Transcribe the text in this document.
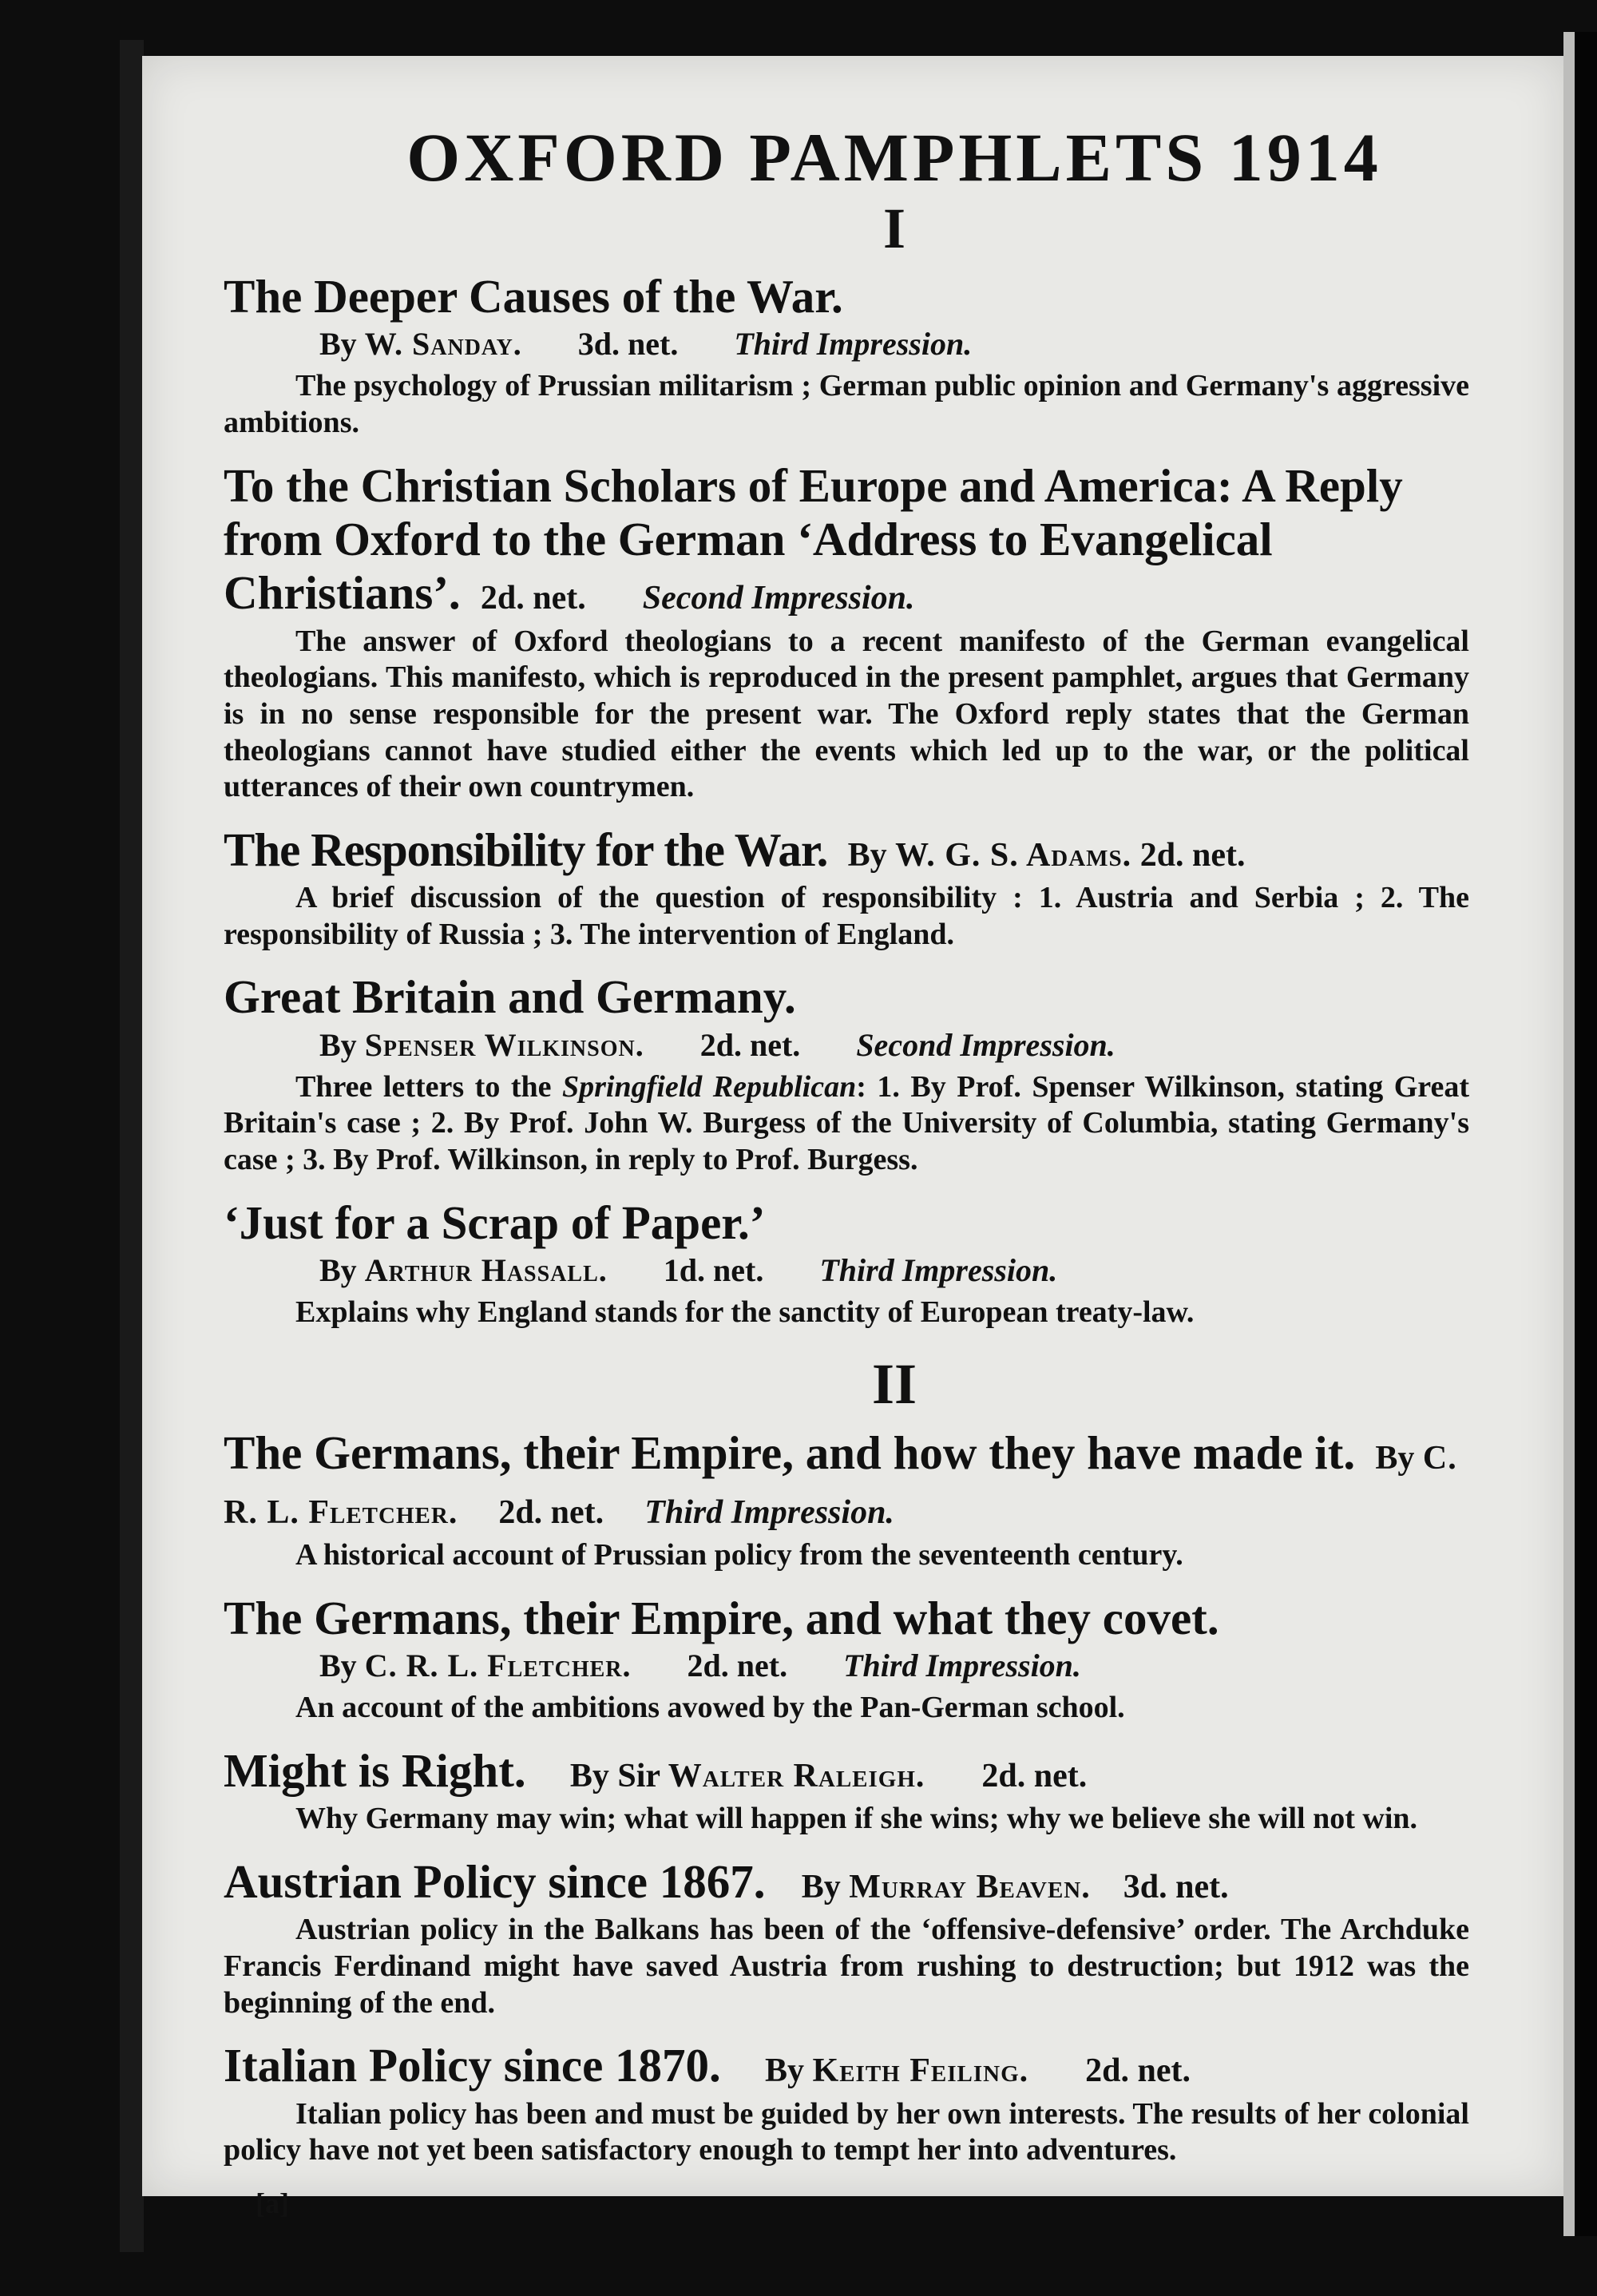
OXFORD PAMPHLETS 1914
I
The Deeper Causes of the War.
By W. Sanday. 3d. net. Third Impression.
The psychology of Prussian militarism ; German public opinion and Germany's aggressive ambitions.
To the Christian Scholars of Europe and America: A Reply from Oxford to the German ‘Address to Evangelical Christians’. 2d. net. Second Impression.
The answer of Oxford theologians to a recent manifesto of the German evangelical theologians. This manifesto, which is reproduced in the present pamphlet, argues that Germany is in no sense responsible for the present war. The Oxford reply states that the German theologians cannot have studied either the events which led up to the war, or the political utterances of their own countrymen.
The Responsibility for the War. By W. G. S. Adams. 2d. net.
A brief discussion of the question of responsibility : 1. Austria and Serbia ; 2. The responsibility of Russia ; 3. The intervention of England.
Great Britain and Germany.
By Spenser Wilkinson. 2d. net. Second Impression.
Three letters to the Springfield Republican: 1. By Prof. Spenser Wilkinson, stating Great Britain's case ; 2. By Prof. John W. Burgess of the University of Columbia, stating Germany's case ; 3. By Prof. Wilkinson, in reply to Prof. Burgess.
‘Just for a Scrap of Paper.’
By Arthur Hassall. 1d. net. Third Impression.
Explains why England stands for the sanctity of European treaty-law.
II
The Germans, their Empire, and how they have made it. By C. R. L. Fletcher. 2d. net. Third Impression.
A historical account of Prussian policy from the seventeenth century.
The Germans, their Empire, and what they covet.
By C. R. L. Fletcher. 2d. net. Third Impression.
An account of the ambitions avowed by the Pan-German school.
Might is Right. By Sir Walter Raleigh. 2d. net.
Why Germany may win; what will happen if she wins; why we believe she will not win.
Austrian Policy since 1867. By Murray Beaven. 3d. net.
Austrian policy in the Balkans has been of the ‘offensive-defensive’ order. The Archduke Francis Ferdinand might have saved Austria from rushing to destruction; but 1912 was the beginning of the end.
Italian Policy since 1870. By Keith Feiling. 2d. net.
Italian policy has been and must be guided by her own interests. The results of her colonial policy have not yet been satisfactory enough to tempt her into adventures.
[a]
